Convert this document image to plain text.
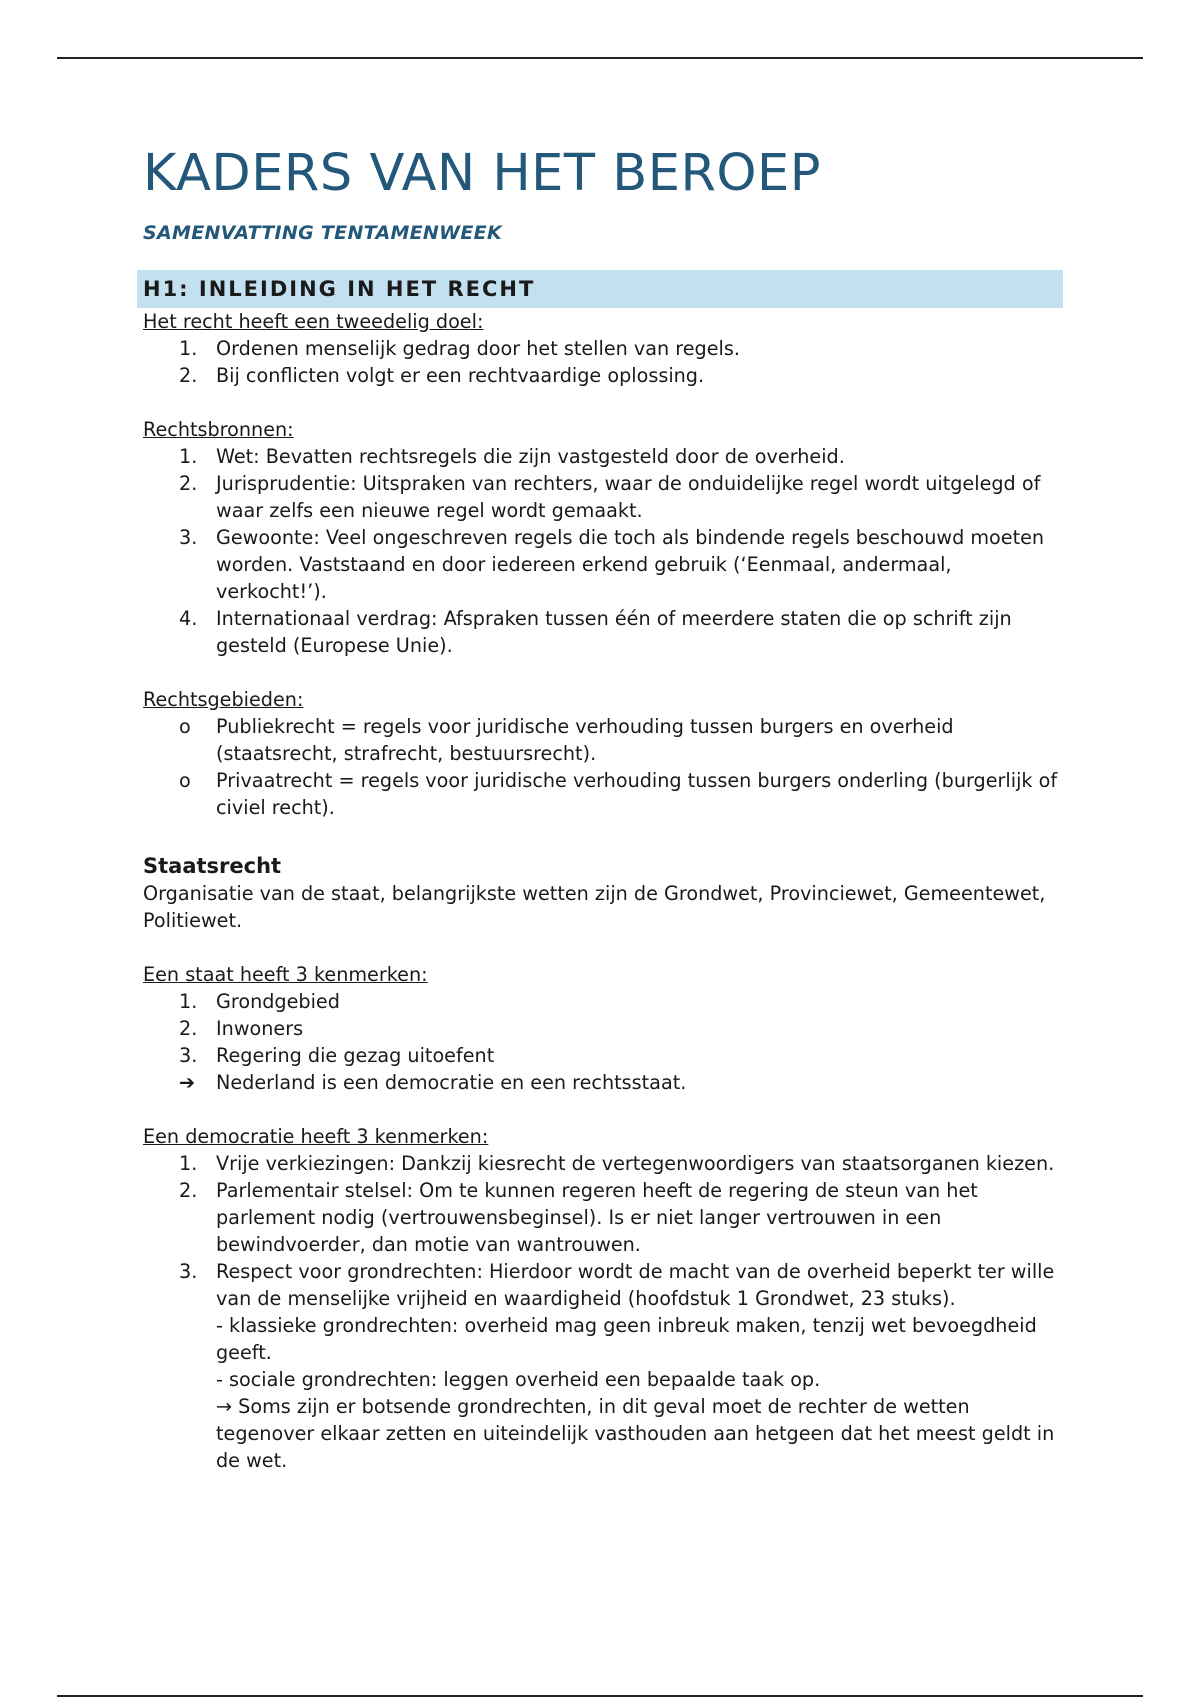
KADERS VAN HET BEROEP
SAMENVATTING TENTAMENWEEK
H1: INLEIDING IN HET RECHT
Het recht heeft een tweedelig doel:
1. Ordenen menselijk gedrag door het stellen van regels.
2. Bij conflicten volgt er een rechtvaardige oplossing.
Rechtsbronnen:
1. Wet: Bevatten rechtsregels die zijn vastgesteld door de overheid.
2. Jurisprudentie: Uitspraken van rechters, waar de onduidelijke regel wordt uitgelegd of waar zelfs een nieuwe regel wordt gemaakt.
3. Gewoonte: Veel ongeschreven regels die toch als bindende regels beschouwd moeten worden. Vaststaand en door iedereen erkend gebruik (‘Eenmaal, andermaal, verkocht!’).
4. Internationaal verdrag: Afspraken tussen één of meerdere staten die op schrift zijn gesteld (Europese Unie).
Rechtsgebieden:
o Publiekrecht = regels voor juridische verhouding tussen burgers en overheid (staatsrecht, strafrecht, bestuursrecht).
o Privaatrecht = regels voor juridische verhouding tussen burgers onderling (burgerlijk of civiel recht).
Staatsrecht

Organisatie van de staat, belangrijkste wetten zijn de Grondwet, Provinciewet, Gemeentewet, Politiewet.

Een staat heeft 3 kenmerken:
1. Grondgebied
2. Inwoners
3. Regering die gezag uitoefent
➔ Nederland is een democratie en een rechtsstaat.
Een democratie heeft 3 kenmerken:
1. Vrije verkiezingen: Dankzij kiesrecht de vertegenwoordigers van staatsorganen kiezen.
2. Parlementair stelsel: Om te kunnen regeren heeft de regering de steun van het parlement nodig (vertrouwensbeginsel). Is er niet langer vertrouwen in een bewindvoerder, dan motie van wantrouwen.
3. Respect voor grondrechten: Hierdoor wordt de macht van de overheid beperkt ter wille van de menselijke vrijheid en waardigheid (hoofdstuk 1 Grondwet, 23 stuks).
- klassieke grondrechten: overheid mag geen inbreuk maken, tenzij wet bevoegdheid geeft.
- sociale grondrechten: leggen overheid een bepaalde taak op.
→ Soms zijn er botsende grondrechten, in dit geval moet de rechter de wetten tegenover elkaar zetten en uiteindelijk vasthouden aan hetgeen dat het meest geldt in de wet.
